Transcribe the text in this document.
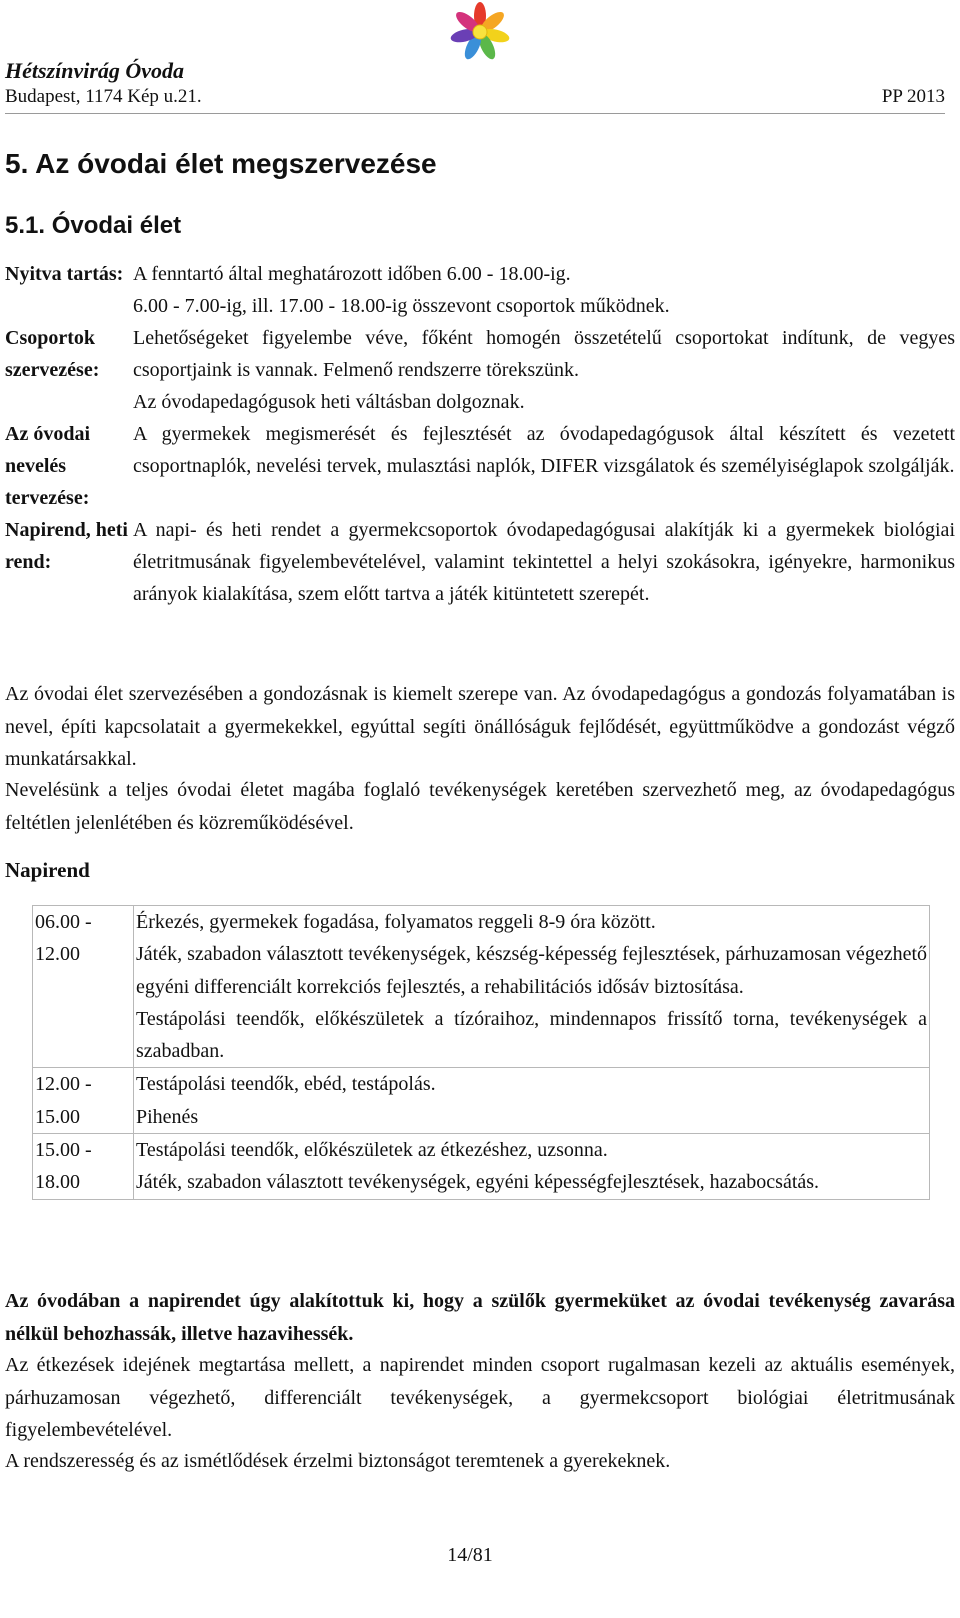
Hétszínvirág Óvoda
Budapest, 1174 Kép u.21.	PP 2013
5. Az óvodai élet megszervezése
5.1. Óvodai élet
Nyitva tartás: A fenntartó által meghatározott időben 6.00 - 18.00-ig.
6.00 - 7.00-ig, ill. 17.00 - 18.00-ig összevont csoportok működnek.
Csoportok szervezése:
Lehetőségeket figyelembe véve, főként homogén összetételű csoportokat indítunk, de vegyes csoportjaink is vannak. Felmenő rendszerre törekszünk.
Az óvodapedagógusok heti váltásban dolgoznak.
Az óvodai nevelés tervezése:
A gyermekek megismerését és fejlesztését az óvodapedagógusok által készített és vezetett csoportnaplók, nevelési tervek, mulasztási naplók, DIFER vizsgálatok és személyiséglapok szolgálják.
Napirend, heti rend:
A napi- és heti rendet a gyermekcsoportok óvodapedagógusai alakítják ki a gyermekek biológiai életritmusának figyelembevételével, valamint tekintettel a helyi szokásokra, igényekre, harmonikus arányok kialakítása, szem előtt tartva a játék kitüntetett szerepét.
Az óvodai élet szervezésében a gondozásnak is kiemelt szerepe van. Az óvodapedagógus a gondozás folyamatában is nevel, építi kapcsolatait a gyermekekkel, egyúttal segíti önállóságuk fejlődését, együttműködve a gondozást végző munkatársakkal.
Nevelésünk a teljes óvodai életet magába foglaló tevékenységek keretében szervezhető meg, az óvodapedagógus feltétlen jelenlétében és közreműködésével.
Napirend
06.00 - 12.00	Érkezés, gyermekek fogadása, folyamatos reggeli 8-9 óra között.
Játék, szabadon választott tevékenységek, készség-képesség fejlesztések, párhuzamosan végezhető egyéni differenciált korrekciós fejlesztés, a rehabilitációs idősáv biztosítása.
Testápolási teendők, előkészületek a tízóraihoz, mindennapos frissítő torna, tevékenységek a szabadban.

12.00 - 15.00	Testápolási teendők, ebéd, testápolás.
Pihenés

15.00 - 18.00	Testápolási teendők, előkészületek az étkezéshez, uzsonna.
Játék, szabadon választott tevékenységek, egyéni képességfejlesztések, hazabocsátás.
Az óvodában a napirendet úgy alakítottuk ki, hogy a szülők gyermeküket az óvodai tevékenység zavarása nélkül behozhassák, illetve hazavihessék.
Az étkezések idejének megtartása mellett, a napirendet minden csoport rugalmasan kezeli az aktuális események, párhuzamosan végezhető, differenciált tevékenységek, a gyermekcsoport biológiai életritmusának figyelembevételével.
A rendszeresség és az ismétlődések érzelmi biztonságot teremtenek a gyerekeknek.
14/81
